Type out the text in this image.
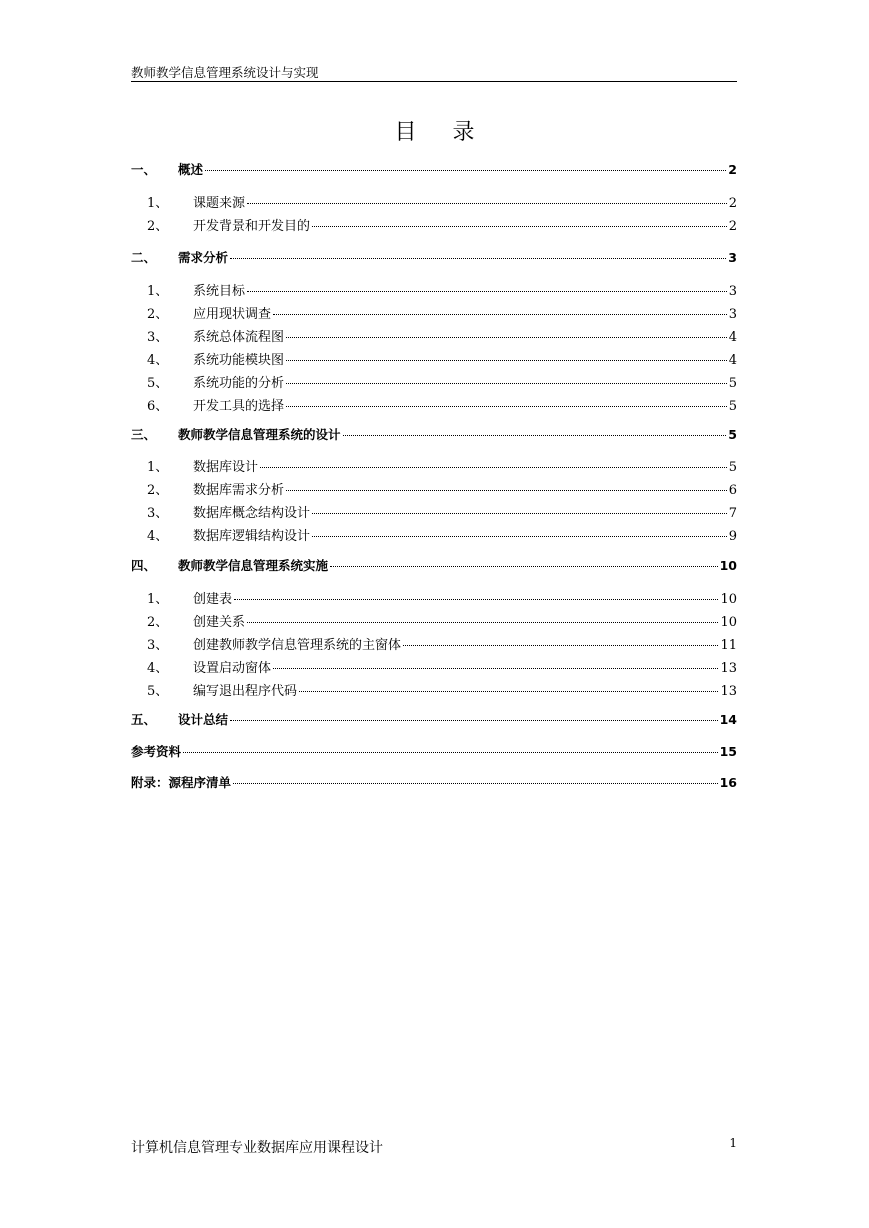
教师教学信息管理系统设计与实现
目 录
一、	概述	2
1、	课题来源	2
2、	开发背景和开发目的	2
二、	需求分析	3
1、	系统目标	3
2、	应用现状调查	3
3、	系统总体流程图	4
4、	系统功能模块图	4
5、	系统功能的分析	5
6、	开发工具的选择	5
三、	教师教学信息管理系统的设计	5
1、	数据库设计	5
2、	数据库需求分析	6
3、	数据库概念结构设计	7
4、	数据库逻辑结构设计	9
四、	教师教学信息管理系统实施	10
1、	创建表	10
2、	创建关系	10
3、	创建教师教学信息管理系统的主窗体	11
4、	设置启动窗体	13
5、	编写退出程序代码	13
五、	设计总结	14
参考资料	15
附录：源程序清单	16
计算机信息管理专业数据库应用课程设计	1
